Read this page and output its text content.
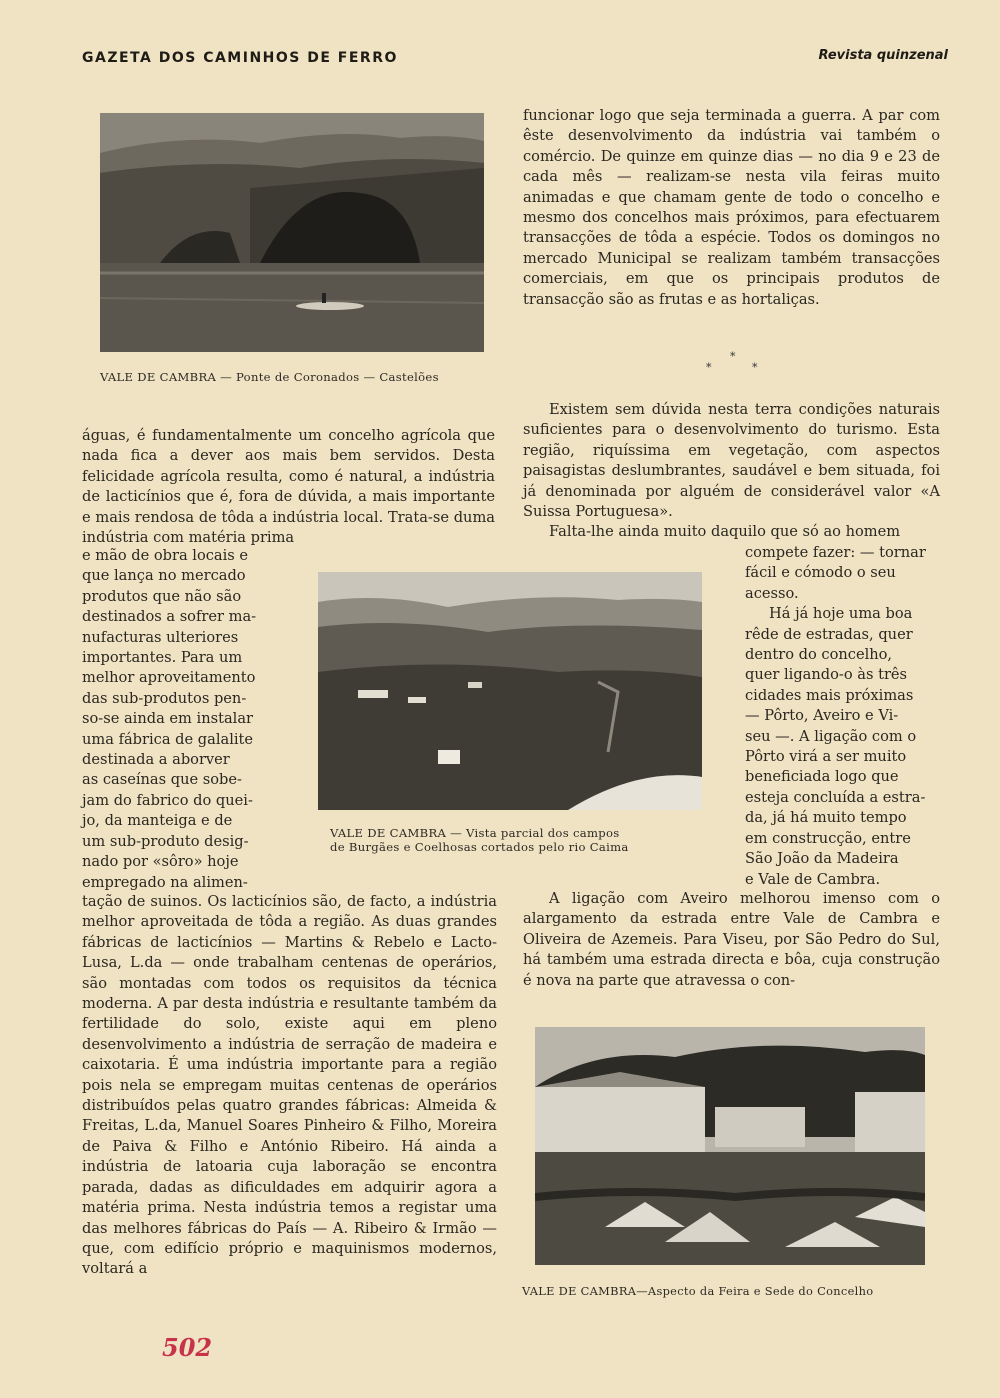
GAZETA DOS CAMINHOS DE FERRO	Revista quinzenal
VALE DE CAMBRA — Ponte de Coronados — Castelões
VALE DE CAMBRA — Vista parcial dos campos
de Burgães e Coelhosas cortados pelo rio Caima
VALE DE CAMBRA—Aspecto da Feira e Sede do Concelho

funcionar logo que seja terminada a guerra. A par com êste desenvolvimento da indústria vai também o comércio. De quinze em quinze dias — no dia 9 e 23 de cada mês — realizam-se nesta vila feiras muito animadas e que chamam gente de todo o concelho e mesmo dos concelhos mais próximos, para efectuarem transacções de tôda a espécie. Todos os domingos no mercado Municipal se realizam também transacções comerciais, em que os principais produtos de transacção são as frutas e as hortaliças.

*
*	*

Existem sem dúvida nesta terra condições naturais suficientes para o desenvolvimento do turismo. Esta região, riquíssima em vegetação, com aspectos paisagistas deslumbrantes, saudável e bem situada, foi já denominada por alguém de considerável valor «A Suissa Portuguesa».

Falta-lhe ainda muito daquilo que só ao homem

compete fazer: — tornar

fácil e cómodo o seu

acesso.

Há já hoje uma boa

rêde de estradas, quer

dentro do concelho,

quer ligando-o às três

cidades mais próximas

— Pôrto, Aveiro e Vi-

seu —. A ligação com o

Pôrto virá a ser muito

beneficiada logo que

esteja concluída a estra-

da, já há muito tempo

em construcção, entre

São João da Madeira

e Vale de Cambra.

A ligação com Aveiro melhorou imenso com o alargamento da estrada entre Vale de Cambra e Oliveira de Azemeis. Para Viseu, por São Pedro do Sul, há também uma estrada directa e bôa, cuja construção é nova na parte que atravessa o con-

águas, é fundamentalmente um concelho agrícola que nada fica a dever aos mais bem servidos. Desta felicidade agrícola resulta, como é natural, a indústria de lacticínios que é, fora de dúvida, a mais importante e mais rendosa de tôda a indústria local. Trata-se duma indústria com matéria prima

e mão de obra locais e

que lança no mercado

produtos que não são

destinados a sofrer ma-

nufacturas ulteriores

importantes. Para um

melhor aproveitamento

das sub-produtos pen-

so-se ainda em instalar

uma fábrica de galalite

destinada a aborver

as caseínas que sobe-

jam do fabrico do quei-

jo, da manteiga e de

um sub-produto desig-

nado por «sôro» hoje

empregado na alimen-

tação de suinos. Os lacticínios são, de facto, a indústria melhor aproveitada de tôda a região. As duas grandes fábricas de lacticínios — Martins & Rebelo e Lacto-Lusa, L.da — onde trabalham centenas de operários, são montadas com todos os requisitos da técnica moderna. A par desta indústria e resultante também da fertilidade do solo, existe aqui em pleno desenvolvimento a indústria de serração de madeira e caixotaria. É uma indústria importante para a região pois nela se empregam muitas centenas de operários distribuídos pelas quatro grandes fábricas: Almeida & Freitas, L.da, Manuel Soares Pinheiro & Filho, Moreira de Paiva & Filho e António Ribeiro. Há ainda a indústria de latoaria cuja laboração se encontra parada, dadas as dificuldades em adquirir agora a matéria prima. Nesta indústria temos a registar uma das melhores fábricas do País — A. Ribeiro & Irmão — que, com edifício próprio e maquinismos modernos, voltará a

502
